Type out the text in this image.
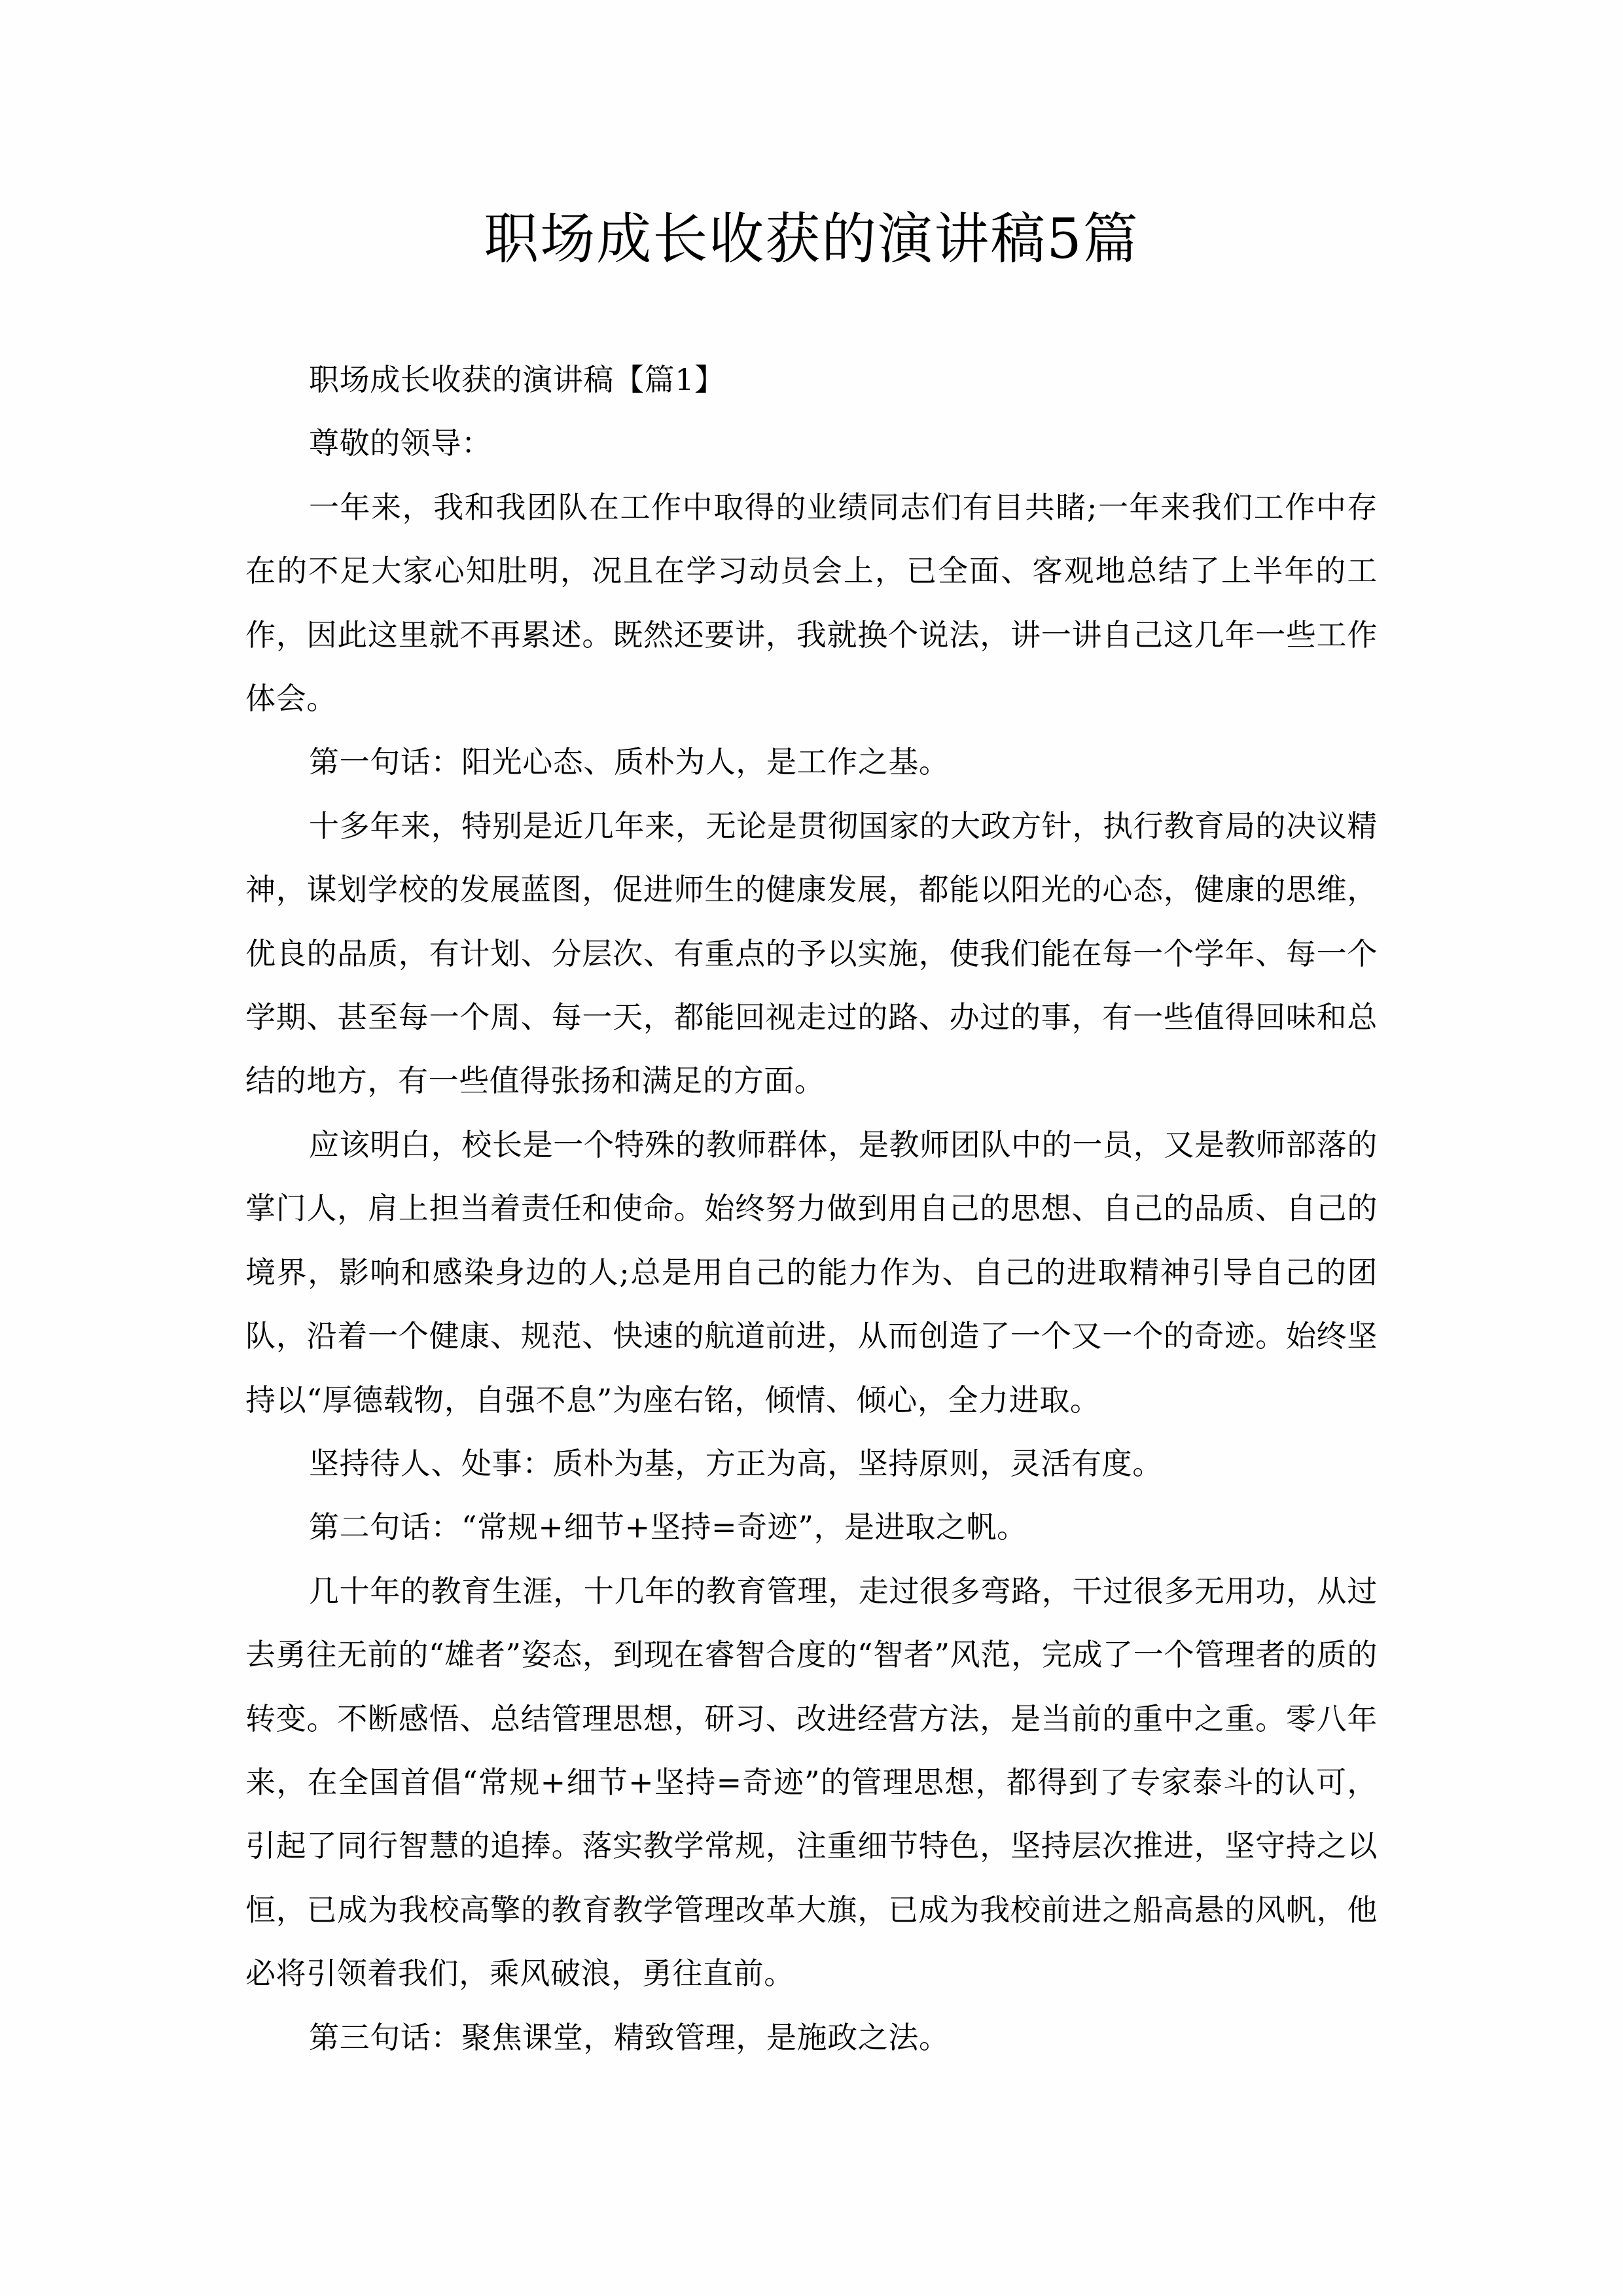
职场成长收获的演讲稿5篇

职场成长收获的演讲稿【篇1】

尊敬的领导：

一年来，我和我团队在工作中取得的业绩同志们有目共睹;一年来我们工作中存在的不足大家心知肚明，况且在学习动员会上，已全面、客观地总结了上半年的工作，因此这里就不再累述。既然还要讲，我就换个说法，讲一讲自己这几年一些工作体会。

第一句话：阳光心态、质朴为人，是工作之基。

十多年来，特别是近几年来，无论是贯彻国家的大政方针，执行教育局的决议精神，谋划学校的发展蓝图，促进师生的健康发展，都能以阳光的心态，健康的思维，优良的品质，有计划、分层次、有重点的予以实施，使我们能在每一个学年、每一个学期、甚至每一个周、每一天，都能回视走过的路、办过的事，有一些值得回味和总结的地方，有一些值得张扬和满足的方面。

应该明白，校长是一个特殊的教师群体，是教师团队中的一员，又是教师部落的掌门人，肩上担当着责任和使命。始终努力做到用自己的思想、自己的品质、自己的境界，影响和感染身边的人;总是用自己的能力作为、自己的进取精神引导自己的团队，沿着一个健康、规范、快速的航道前进，从而创造了一个又一个的奇迹。始终坚持以“厚德载物，自强不息”为座右铭，倾情、倾心，全力进取。

坚持待人、处事：质朴为基，方正为高，坚持原则，灵活有度。

第二句话：“常规+细节+坚持=奇迹”，是进取之帆。

几十年的教育生涯，十几年的教育管理，走过很多弯路，干过很多无用功，从过去勇往无前的“雄者”姿态，到现在睿智合度的“智者”风范，完成了一个管理者的质的转变。不断感悟、总结管理思想，研习、改进经营方法，是当前的重中之重。零八年来，在全国首倡“常规+细节+坚持=奇迹”的管理思想，都得到了专家泰斗的认可，引起了同行智慧的追捧。落实教学常规，注重细节特色，坚持层次推进，坚守持之以恒，已成为我校高擎的教育教学管理改革大旗，已成为我校前进之船高悬的风帆，他必将引领着我们，乘风破浪，勇往直前。

第三句话：聚焦课堂，精致管理，是施政之法。
